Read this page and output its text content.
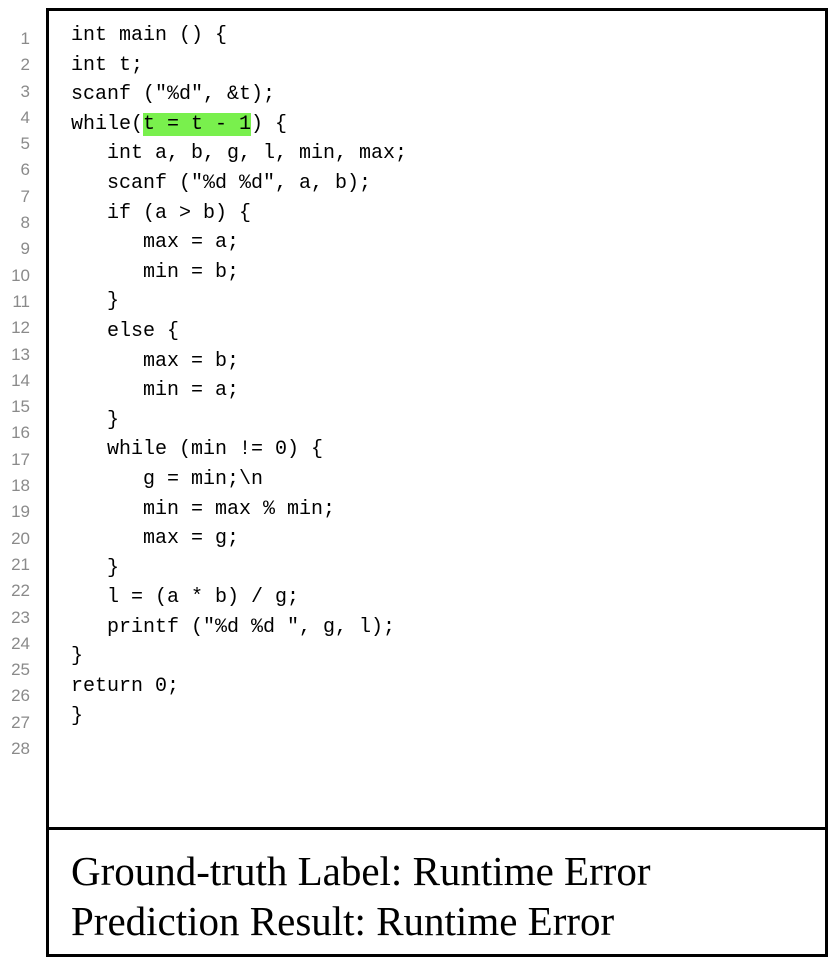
1
2
3
4
5
6
7
8
9
10
11
12
13
14
15
16
17
18
19
20
21
22
23
24
25
26
27
28
int main () {
int t;
scanf ("%d", &t);
while(t = t - 1) {
int a, b, g, l, min, max;
scanf ("%d %d", a, b);
if (a > b) {
max = a;
min = b;
}
else {
max = b;
min = a;
}
while (min != 0) {
g = min;\n
min = max % min;
max = g;
}
l = (a * b) / g;
printf ("%d %d ", g, l);
}
return 0;
}
Ground-truth Label: Runtime Error
Prediction Result: Runtime Error
